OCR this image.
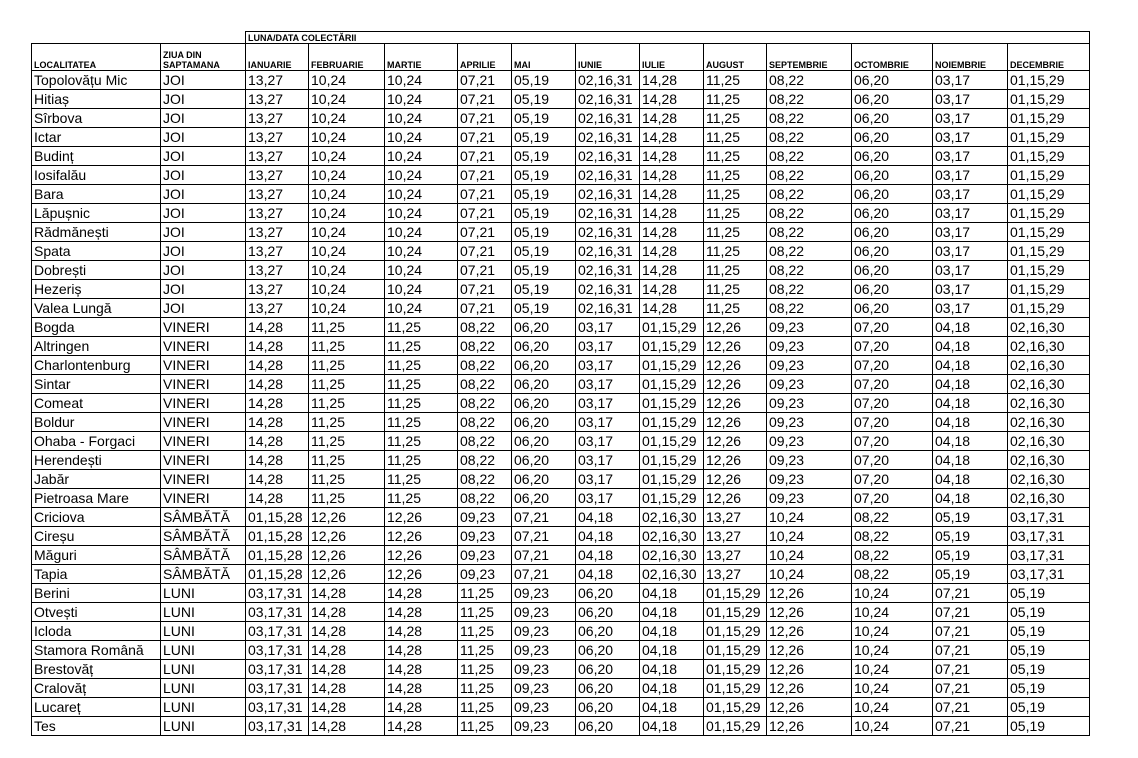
		LUNA/DATA COLECTĂRII											
LOCALITATEA	ZIUA DIN SAPTAMANA	IANUARIE	FEBRUARIE	MARTIE	APRILIE	MAI	IUNIE	IULIE	AUGUST	SEPTEMBRIE	OCTOMBRIE	NOIEMBRIE	DECEMBRIE
Topolovățu Mic	JOI	13,27	10,24	10,24	07,21	05,19	02,16,31	14,28	11,25	08,22	06,20	03,17	01,15,29
Hitiaș	JOI	13,27	10,24	10,24	07,21	05,19	02,16,31	14,28	11,25	08,22	06,20	03,17	01,15,29
Sîrbova	JOI	13,27	10,24	10,24	07,21	05,19	02,16,31	14,28	11,25	08,22	06,20	03,17	01,15,29
Ictar	JOI	13,27	10,24	10,24	07,21	05,19	02,16,31	14,28	11,25	08,22	06,20	03,17	01,15,29
Budinț	JOI	13,27	10,24	10,24	07,21	05,19	02,16,31	14,28	11,25	08,22	06,20	03,17	01,15,29
Iosifalău	JOI	13,27	10,24	10,24	07,21	05,19	02,16,31	14,28	11,25	08,22	06,20	03,17	01,15,29
Bara	JOI	13,27	10,24	10,24	07,21	05,19	02,16,31	14,28	11,25	08,22	06,20	03,17	01,15,29
Lăpușnic	JOI	13,27	10,24	10,24	07,21	05,19	02,16,31	14,28	11,25	08,22	06,20	03,17	01,15,29
Rădmănești	JOI	13,27	10,24	10,24	07,21	05,19	02,16,31	14,28	11,25	08,22	06,20	03,17	01,15,29
Spata	JOI	13,27	10,24	10,24	07,21	05,19	02,16,31	14,28	11,25	08,22	06,20	03,17	01,15,29
Dobrești	JOI	13,27	10,24	10,24	07,21	05,19	02,16,31	14,28	11,25	08,22	06,20	03,17	01,15,29
Hezeriș	JOI	13,27	10,24	10,24	07,21	05,19	02,16,31	14,28	11,25	08,22	06,20	03,17	01,15,29
Valea Lungă	JOI	13,27	10,24	10,24	07,21	05,19	02,16,31	14,28	11,25	08,22	06,20	03,17	01,15,29
Bogda	VINERI	14,28	11,25	11,25	08,22	06,20	03,17	01,15,29	12,26	09,23	07,20	04,18	02,16,30
Altringen	VINERI	14,28	11,25	11,25	08,22	06,20	03,17	01,15,29	12,26	09,23	07,20	04,18	02,16,30
Charlontenburg	VINERI	14,28	11,25	11,25	08,22	06,20	03,17	01,15,29	12,26	09,23	07,20	04,18	02,16,30
Sintar	VINERI	14,28	11,25	11,25	08,22	06,20	03,17	01,15,29	12,26	09,23	07,20	04,18	02,16,30
Comeat	VINERI	14,28	11,25	11,25	08,22	06,20	03,17	01,15,29	12,26	09,23	07,20	04,18	02,16,30
Boldur	VINERI	14,28	11,25	11,25	08,22	06,20	03,17	01,15,29	12,26	09,23	07,20	04,18	02,16,30
Ohaba - Forgaci	VINERI	14,28	11,25	11,25	08,22	06,20	03,17	01,15,29	12,26	09,23	07,20	04,18	02,16,30
Herendești	VINERI	14,28	11,25	11,25	08,22	06,20	03,17	01,15,29	12,26	09,23	07,20	04,18	02,16,30
Jabăr	VINERI	14,28	11,25	11,25	08,22	06,20	03,17	01,15,29	12,26	09,23	07,20	04,18	02,16,30
Pietroasa Mare	VINERI	14,28	11,25	11,25	08,22	06,20	03,17	01,15,29	12,26	09,23	07,20	04,18	02,16,30
Criciova	SÂMBĂTĂ	01,15,28	12,26	12,26	09,23	07,21	04,18	02,16,30	13,27	10,24	08,22	05,19	03,17,31
Cireșu	SÂMBĂTĂ	01,15,28	12,26	12,26	09,23	07,21	04,18	02,16,30	13,27	10,24	08,22	05,19	03,17,31
Măguri	SÂMBĂTĂ	01,15,28	12,26	12,26	09,23	07,21	04,18	02,16,30	13,27	10,24	08,22	05,19	03,17,31
Tapia	SÂMBĂTĂ	01,15,28	12,26	12,26	09,23	07,21	04,18	02,16,30	13,27	10,24	08,22	05,19	03,17,31
Berini	LUNI	03,17,31	14,28	14,28	11,25	09,23	06,20	04,18	01,15,29	12,26	10,24	07,21	05,19
Otvești	LUNI	03,17,31	14,28	14,28	11,25	09,23	06,20	04,18	01,15,29	12,26	10,24	07,21	05,19
Icloda	LUNI	03,17,31	14,28	14,28	11,25	09,23	06,20	04,18	01,15,29	12,26	10,24	07,21	05,19
Stamora Română	LUNI	03,17,31	14,28	14,28	11,25	09,23	06,20	04,18	01,15,29	12,26	10,24	07,21	05,19
Brestovăț	LUNI	03,17,31	14,28	14,28	11,25	09,23	06,20	04,18	01,15,29	12,26	10,24	07,21	05,19
Cralovăț	LUNI	03,17,31	14,28	14,28	11,25	09,23	06,20	04,18	01,15,29	12,26	10,24	07,21	05,19
Lucareț	LUNI	03,17,31	14,28	14,28	11,25	09,23	06,20	04,18	01,15,29	12,26	10,24	07,21	05,19
Tes	LUNI	03,17,31	14,28	14,28	11,25	09,23	06,20	04,18	01,15,29	12,26	10,24	07,21	05,19
